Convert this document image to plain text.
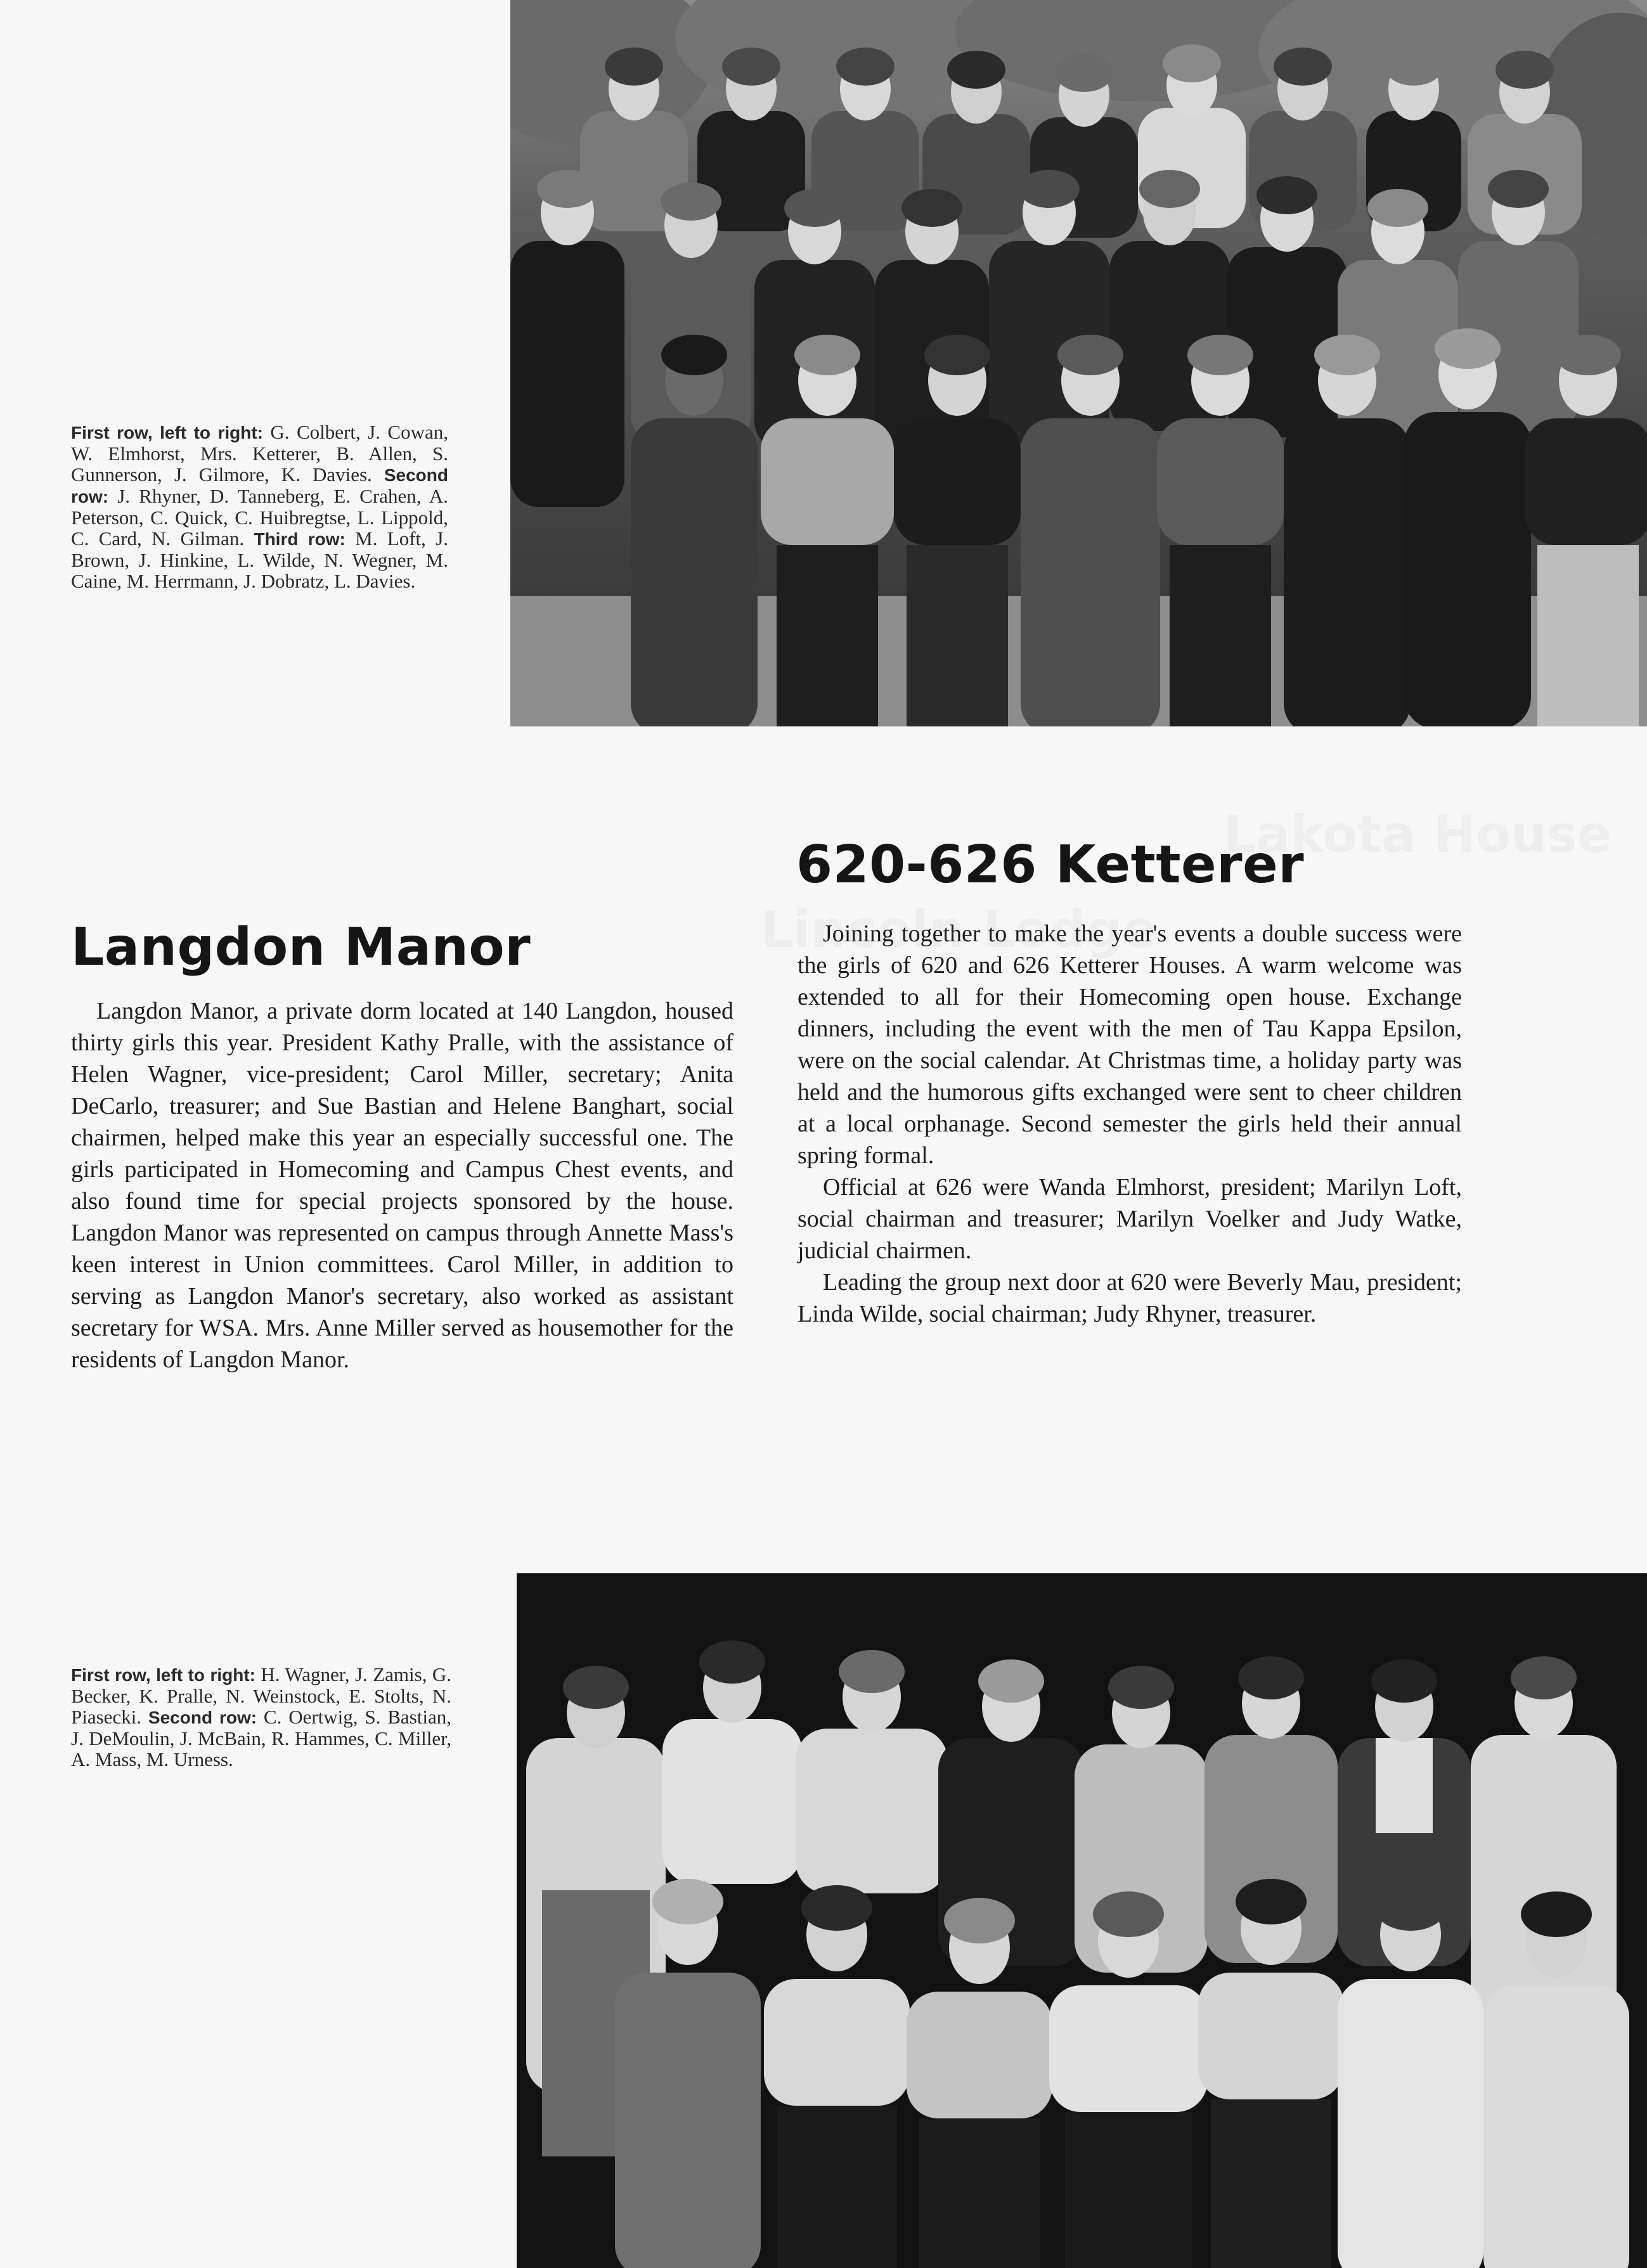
First row, left to right: G. Colbert, J. Cowan, W. Elmhorst, Mrs. Ketterer, B. Allen, S. Gunnerson, J. Gilmore, K. Davies. Second row: J. Rhyner, D. Tanneberg, E. Crahen, A. Peterson, C. Quick, C. Huibregtse, L. Lippold, C. Card, N. Gilman. Third row: M. Loft, J. Brown, J. Hinkine, L. Wilde, N. Wegner, M. Caine, M. Herrmann, J. Dobratz, L. Davies.
620-626 Ketterer
Langdon Manor	Joining together to make the year's events a double success were the girls of 620 and 626 Ketterer Houses. A warm welcome was extended to all for their Homecoming open house. Exchange dinners, including the event with the men of Tau Kappa Epsilon, were on the social calendar. At Christmas time, a holiday party was held and the humorous gifts exchanged were sent to cheer children at a local orphanage. Second semester the girls held their annual spring formal.

Official at 626 were Wanda Elmhorst, president; Marilyn Loft, social chairman and treasurer; Marilyn Voelker and Judy Watke, judicial chairmen.

Leading the group next door at 620 were Beverly Mau, president; Linda Wilde, social chairman; Judy Rhyner, treasurer.

Langdon Manor, a private dorm located at 140 Langdon, housed thirty girls this year. President Kathy Pralle, with the assistance of Helen Wagner, vice-president; Carol Miller, secretary; Anita DeCarlo, treasurer; and Sue Bastian and Helene Banghart, social chairmen, helped make this year an especially successful one. The girls participated in Homecoming and Campus Chest events, and also found time for special projects sponsored by the house. Langdon Manor was represented on campus through Annette Mass's keen interest in Union committees. Carol Miller, in addition to serving as Langdon Manor's secretary, also worked as assistant secretary for WSA. Mrs. Anne Miller served as housemother for the residents of Langdon Manor.

First row, left to right: H. Wagner, J. Zamis, G. Becker, K. Pralle, N. Weinstock, E. Stolts, N. Piasecki. Second row: C. Oertwig, S. Bastian, J. DeMoulin, J. McBain, R. Hammes, C. Miller, A. Mass, M. Urness.
